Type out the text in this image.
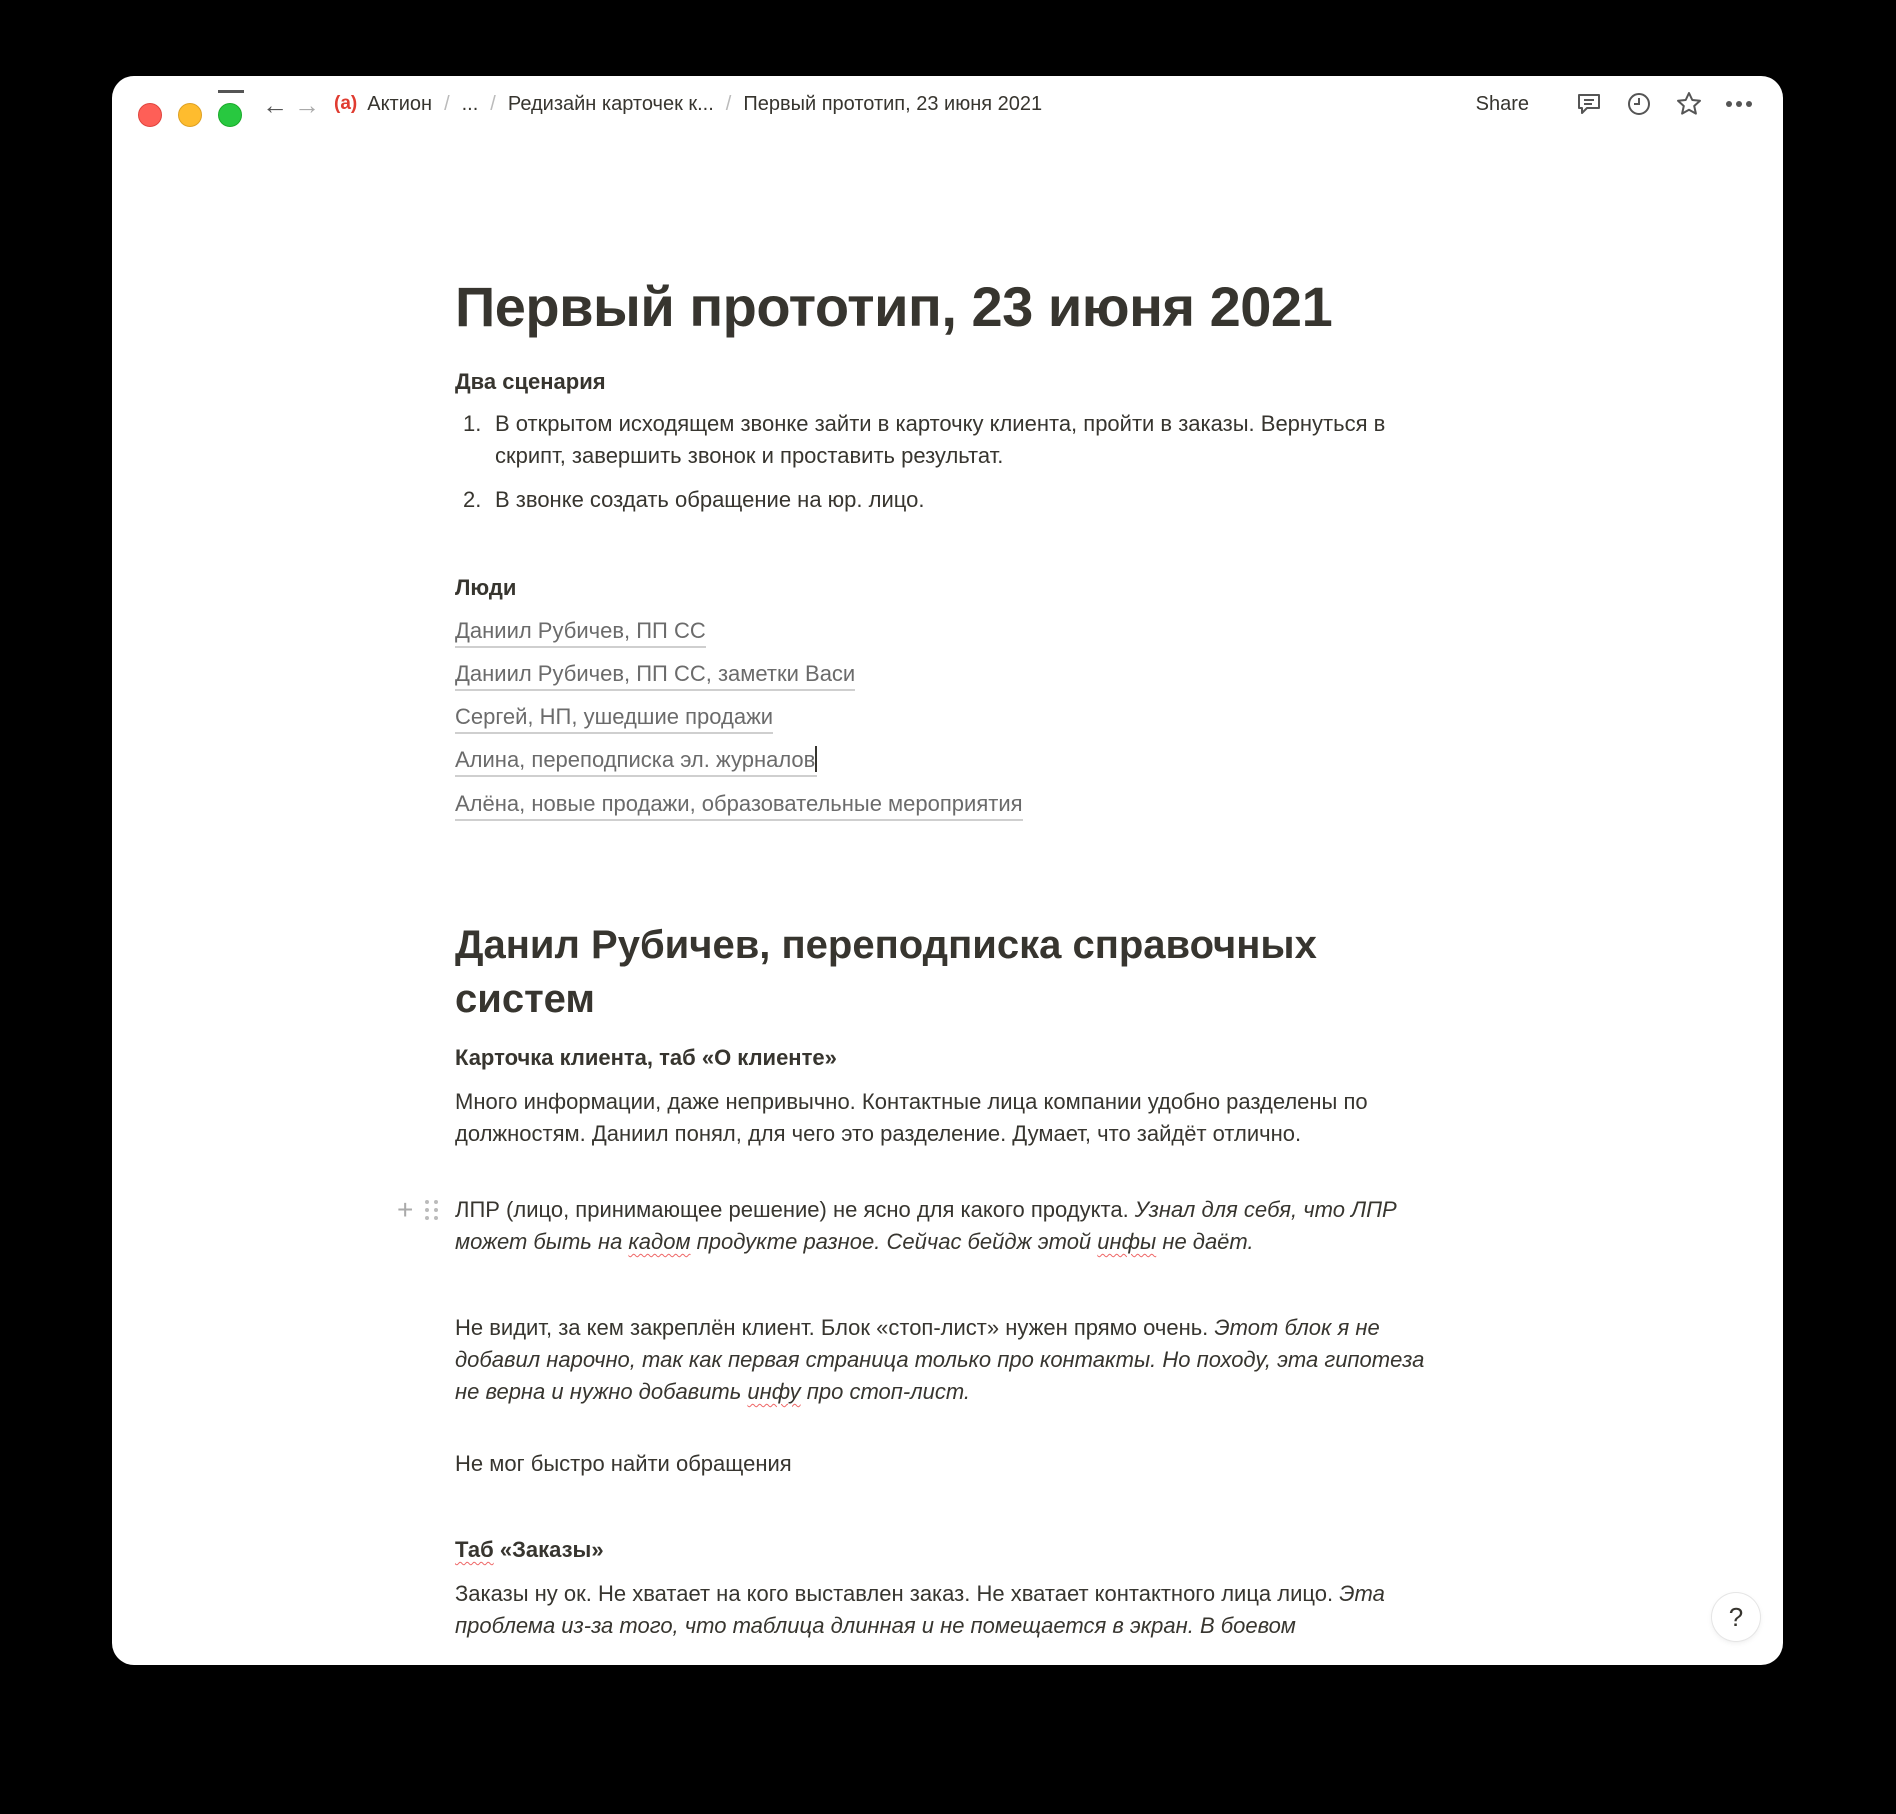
← → (a) Актион / ... / Редизайн карточек к... / Первый прототип, 23 июня 2021	Share
Первый прототип, 23 июня 2021
Два сценария
1. В открытом исходящем звонке зайти в карточку клиента, пройти в заказы. Вернуться в скрипт, завершить звонок и проставить результат.
2. В звонке создать обращение на юр. лицо.
Люди
Даниил Рубичев, ПП СС
Даниил Рубичев, ПП СС, заметки Васи
Сергей, НП, ушедшие продажи
Алина, переподписка эл. журналов
Алёна, новые продажи, образовательные мероприятия
Данил Рубичев, переподписка справочных систем
Карточка клиента, таб «О клиенте»
Много информации, даже непривычно. Контактные лица компании удобно разделены по должностям. Даниил понял, для чего это разделение. Думает, что зайдёт отлично.
+ ЛПР (лицо, принимающее решение) не ясно для какого продукта. Узнал для себя, что ЛПР может быть на кадом продукте разное. Сейчас бейдж этой инфы не даёт.
Не видит, за кем закреплён клиент. Блок «стоп-лист» нужен прямо очень. Этот блок я не добавил нарочно, так как первая страница только про контакты. Но походу, эта гипотеза не верна и нужно добавить инфу про стоп-лист.
Не мог быстро найти обращения
Таб «Заказы»
Заказы ну ок. Не хватает на кого выставлен заказ. Не хватает контактного лица лицо. Эта проблема из-за того, что таблица длинная и не помещается в экран. В боевом	?
